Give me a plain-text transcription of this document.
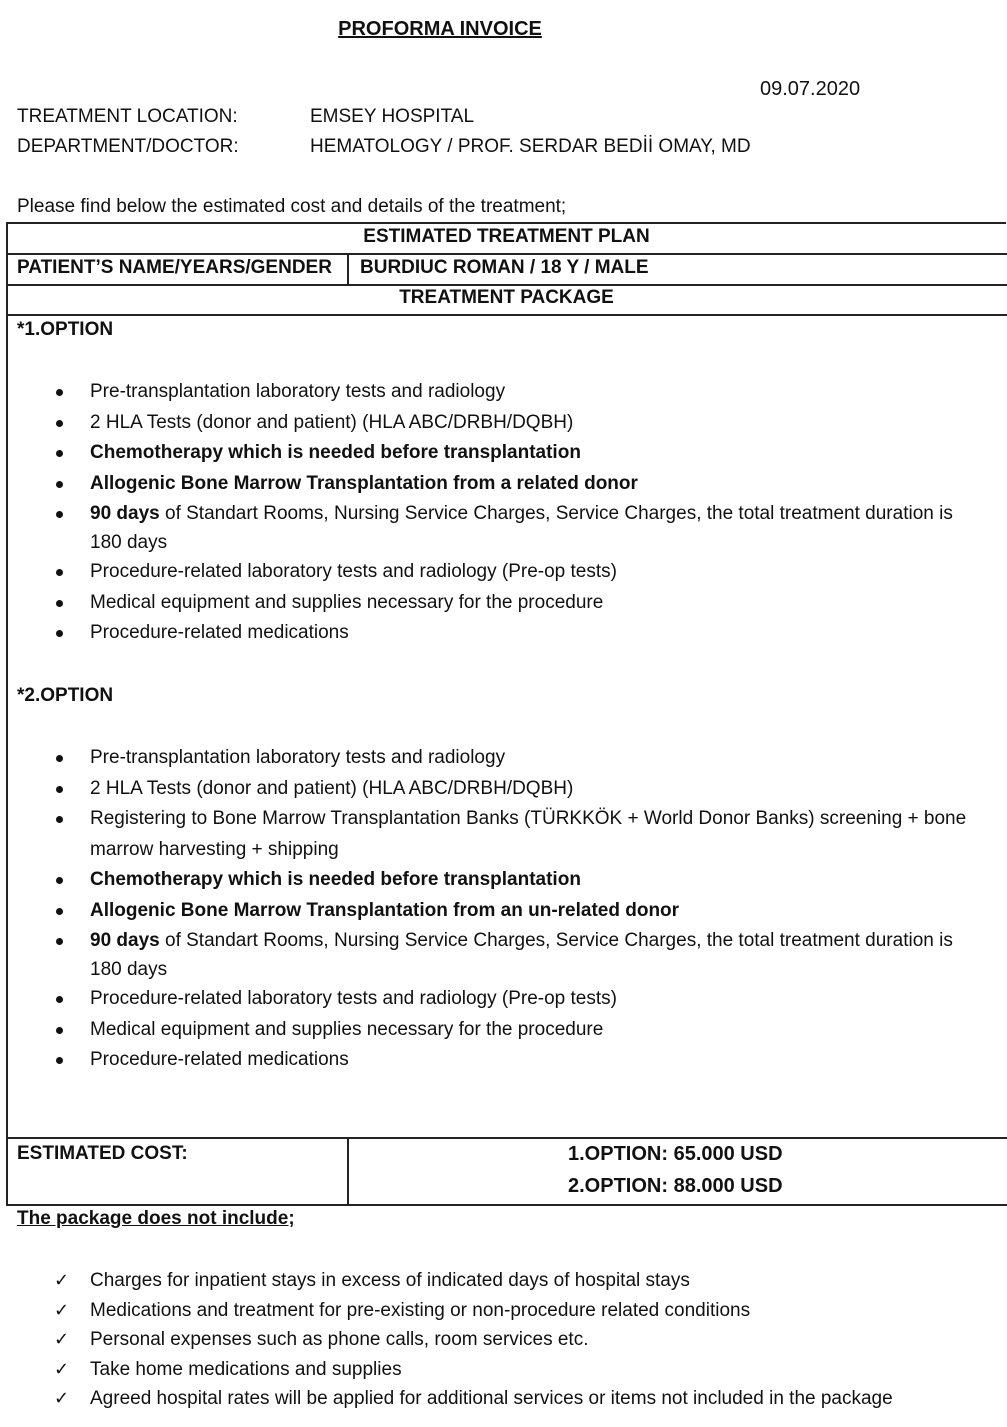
PROFORMA INVOICE
09.07.2020
TREATMENT LOCATION:	EMSEY HOSPITAL
DEPARTMENT/DOCTOR:	HEMATOLOGY / PROF. SERDAR BEDİİ OMAY, MD
Please find below the estimated cost and details of the treatment;
ESTIMATED TREATMENT PLAN
PATIENT’S NAME/YEARS/GENDER BURDIUC ROMAN / 18 Y / MALE
TREATMENT PACKAGE
*1.OPTION
Pre-transplantation laboratory tests and radiology
2 HLA Tests (donor and patient) (HLA ABC/DRBH/DQBH)
Chemotherapy which is needed before transplantation
Allogenic Bone Marrow Transplantation from a related donor
90 days of Standart Rooms, Nursing Service Charges, Service Charges, the total treatment duration is 180 days
Procedure-related laboratory tests and radiology (Pre-op tests)
Medical equipment and supplies necessary for the procedure
Procedure-related medications
*2.OPTION
Pre-transplantation laboratory tests and radiology
2 HLA Tests (donor and patient) (HLA ABC/DRBH/DQBH)
Registering to Bone Marrow Transplantation Banks (TÜRKKÖK + World Donor Banks) screening + bone marrow harvesting + shipping
Chemotherapy which is needed before transplantation
Allogenic Bone Marrow Transplantation from an un-related donor
90 days of Standart Rooms, Nursing Service Charges, Service Charges, the total treatment duration is 180 days
Procedure-related laboratory tests and radiology (Pre-op tests)
Medical equipment and supplies necessary for the procedure
Procedure-related medications
ESTIMATED COST:	1.OPTION: 65.000 USD
2.OPTION: 88.000 USD
The package does not include;
✓ Charges for inpatient stays in excess of indicated days of hospital stays
✓ Medications and treatment for pre-existing or non-procedure related conditions
✓ Personal expenses such as phone calls, room services etc.
✓ Take home medications and supplies
✓ Agreed hospital rates will be applied for additional services or items not included in the package
